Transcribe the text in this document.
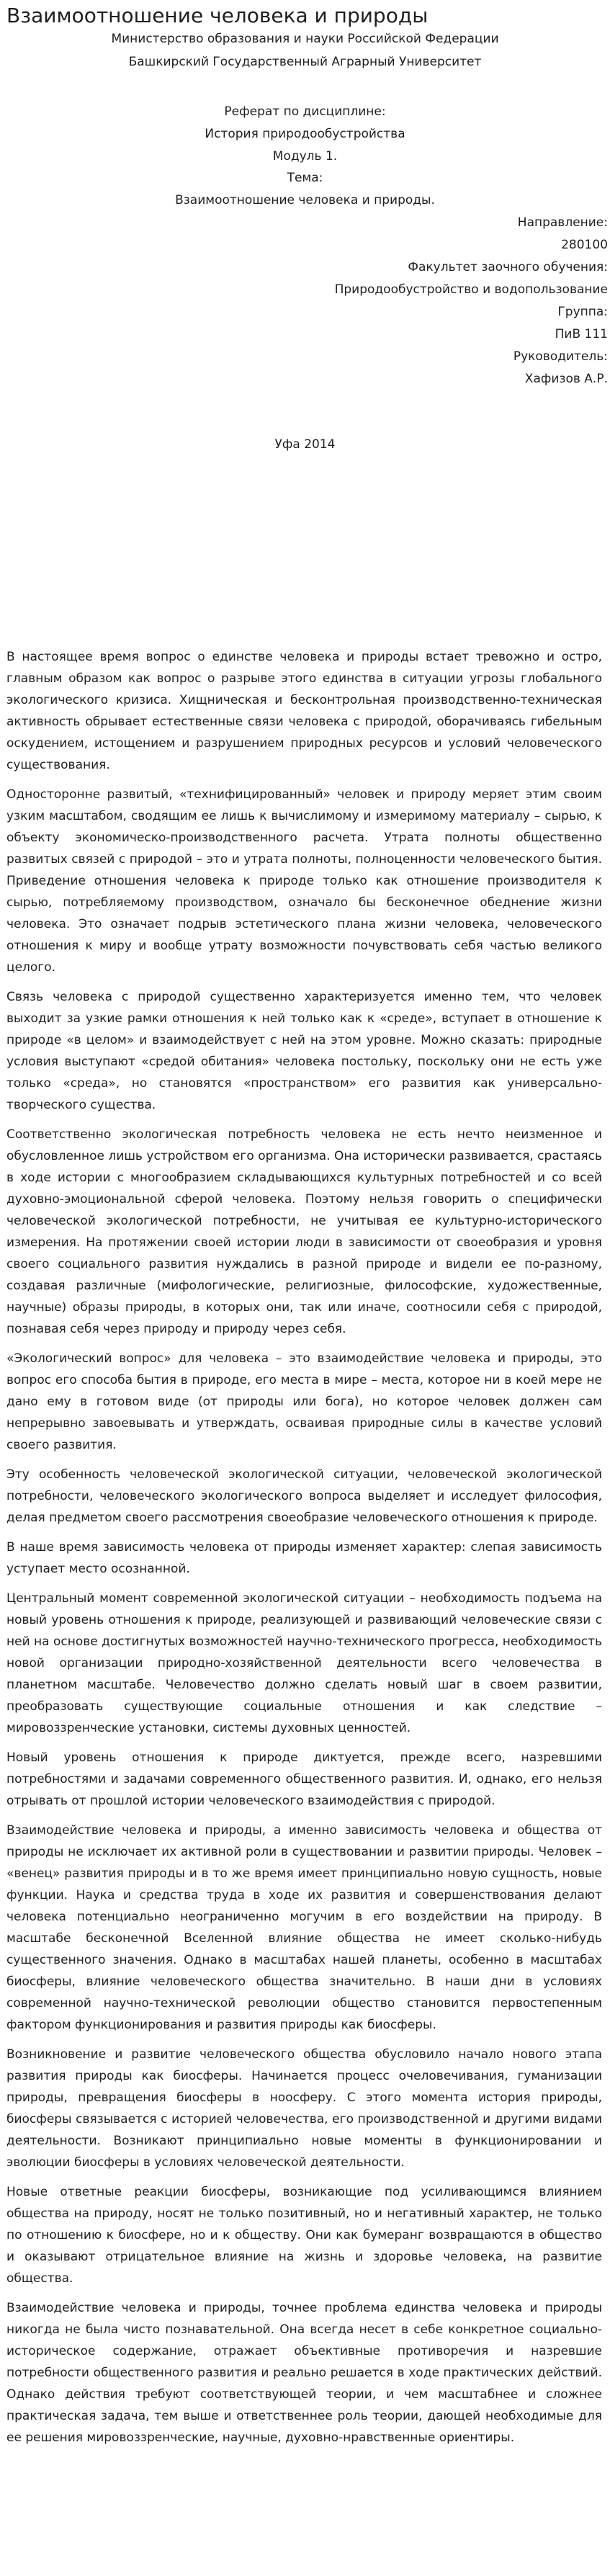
Взаимоотношение человека и природы
Министерство образования и науки Российской Федерации
Башкирский Государственный Аграрный Университет
Реферат по дисциплине:
История природообустройства
Модуль 1.
Тема:
Взаимоотношение человека и природы.
Направление:
280100
Факультет заочного обучения:
Природообустройство и водопользование
Группа:
ПиВ 111
Руководитель:
Хафизов А.Р.
Уфа 2014

В настоящее время вопрос о единстве человека и природы встает тревожно и остро, главным образом как вопрос о разрыве этого единства в ситуации угрозы глобального экологического кризиса. Хищническая и бесконтрольная производственно-техническая активность обрывает естественные связи человека с природой, оборачиваясь гибельным оскудением, истощением и разрушением природных ресурсов и условий человеческого существования.

Односторонне развитый, «технифицированный» человек и природу меряет этим своим узким масштабом, сводящим ее лишь к вычислимому и измеримому материалу – сырью, к объекту экономическо-производственного расчета. Утрата полноты общественно развитых связей с природой – это и утрата полноты, полноценности человеческого бытия. Приведение отношения человека к природе только как отношение производителя к сырью, потребляемому производством, означало бы бесконечное обеднение жизни человека. Это означает подрыв эстетического плана жизни человека, человеческого отношения к миру и вообще утрату возможности почувствовать себя частью великого целого.

Связь человека с природой существенно характеризуется именно тем, что человек выходит за узкие рамки отношения к ней только как к «среде», вступает в отношение к природе «в целом» и взаимодействует с ней на этом уровне. Можно сказать: природные условия выступают «средой обитания» человека постольку, поскольку они не есть уже только «среда», но становятся «пространством» его развития как универсально-творческого существа.

Соответственно экологическая потребность человека не есть нечто неизменное и обусловленное лишь устройством его организма. Она исторически развивается, срастаясь в ходе истории с многообразием складывающихся культурных потребностей и со всей духовно-эмоциональной сферой человека. Поэтому нельзя говорить о специфически человеческой экологической потребности, не учитывая ее культурно-исторического измерения. На протяжении своей истории люди в зависимости от своеобразия и уровня своего социального развития нуждались в разной природе и видели ее по-разному, создавая различные (мифологические, религиозные, философские, художественные, научные) образы природы, в которых они, так или иначе, соотносили себя с природой, познавая себя через природу и природу через себя.

«Экологический вопрос» для человека – это взаимодействие человека и природы, это вопрос его способа бытия в природе, его места в мире – места, которое ни в коей мере не дано ему в готовом виде (от природы или бога), но которое человек должен сам непрерывно завоевывать и утверждать, осваивая природные силы в качестве условий своего развития.

Эту особенность человеческой экологической ситуации, человеческой экологической потребности, человеческого экологического вопроса выделяет и исследует философия, делая предметом своего рассмотрения своеобразие человеческого отношения к природе.

В наше время зависимость человека от природы изменяет характер: слепая зависимость уступает место осознанной.

Центральный момент современной экологической ситуации – необходимость подъема на новый уровень отношения к природе, реализующей и развивающий человеческие связи с ней на основе достигнутых возможностей научно-технического прогресса, необходимость новой организации природно-хозяйственной деятельности всего человечества в планетном масштабе. Человечество должно сделать новый шаг в своем развитии, преобразовать существующие социальные отношения и как следствие – мировоззренческие установки, системы духовных ценностей.

Новый уровень отношения к природе диктуется, прежде всего, назревшими потребностями и задачами современного общественного развития. И, однако, его нельзя отрывать от прошлой истории человеческого взаимодействия с природой.

Взаимодействие человека и природы, а именно зависимость человека и общества от природы не исключает их активной роли в существовании и развитии природы. Человек – «венец» развития природы и в то же время имеет принципиально новую сущность, новые функции. Наука и средства труда в ходе их развития и совершенствования делают человека потенциально неограниченно могучим в его воздействии на природу. В масштабе бесконечной Вселенной влияние общества не имеет сколько-нибудь существенного значения. Однако в масштабах нашей планеты, особенно в масштабах биосферы, влияние человеческого общества значительно. В наши дни в условиях современной научно-технической революции общество становится первостепенным фактором функционирования и развития природы как биосферы.

Возникновение и развитие человеческого общества обусловило начало нового этапа развития природы как биосферы. Начинается процесс очеловечивания, гуманизации природы, превращения биосферы в ноосферу. С этого момента история природы, биосферы связывается с историей человечества, его производственной и другими видами деятельности. Возникают принципиально новые моменты в функционировании и эволюции биосферы в условиях человеческой деятельности.

Новые ответные реакции биосферы, возникающие под усиливающимся влиянием общества на природу, носят не только позитивный, но и негативный характер, не только по отношению к биосфере, но и к обществу. Они как бумеранг возвращаются в общество и оказывают отрицательное влияние на жизнь и здоровье человека, на развитие общества.

Взаимодействие человека и природы, точнее проблема единства человека и природы никогда не была чисто познавательной. Она всегда несет в себе конкретное социально-историческое содержание, отражает объективные противоречия и назревшие потребности общественного развития и реально решается в ходе практических действий. Однако действия требуют соответствующей теории, и чем масштабнее и сложнее практическая задача, тем выше и ответственнее роль теории, дающей необходимые для ее решения мировоззренческие, научные, духовно-нравственные ориентиры.
